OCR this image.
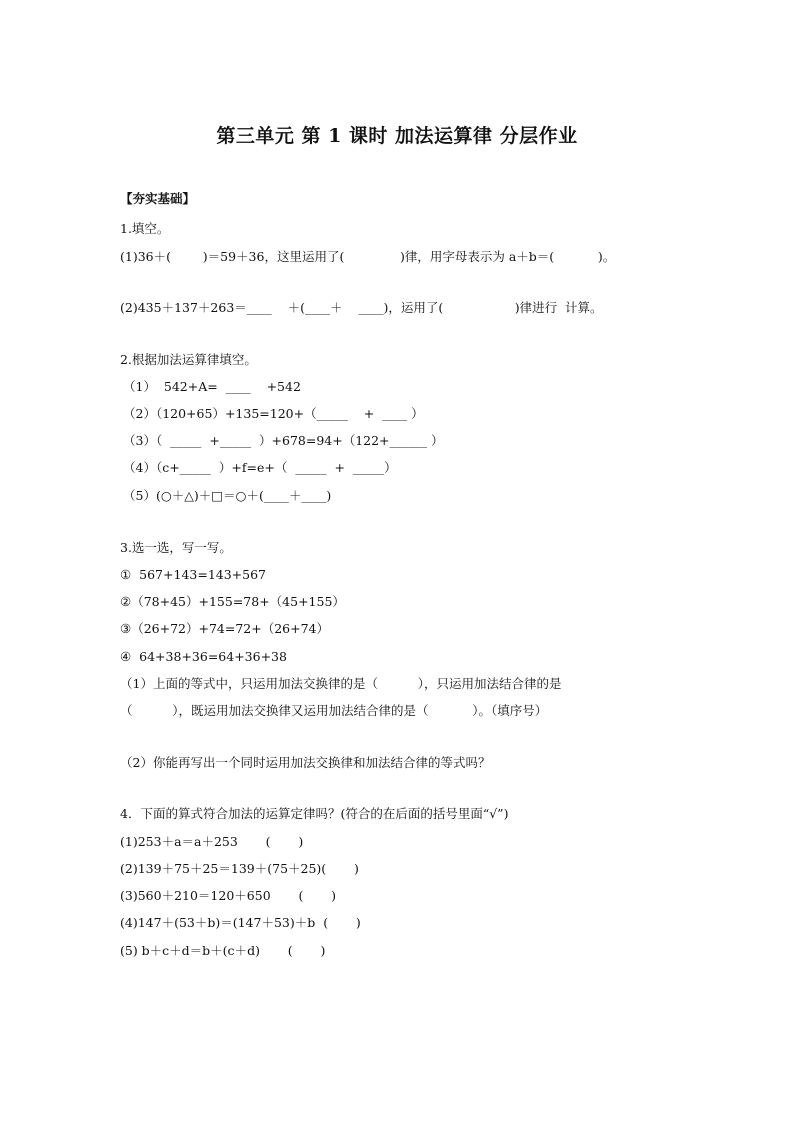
第三单元 第 1 课时 加法运算律 分层作业
【夯实基础】
1.填空。
(1)36＋(        )＝59＋36，这里运用了(              )律，用字母表示为 a＋b＝(           )。
(2)435＋137＋263＝____    ＋(____＋    ____)，运用了(                  )律进行  计算。
2.根据加法运算律填空。
（1）  542+A=  ____    +542
（2）（120+65）+135=120+（_____    +  ____ ）
（3）（  _____  +_____  ）+678=94+（122+______ ）
（4）（c+_____  ）+f=e+（  _____  +  _____）
（5）(○＋△)＋□＝○＋(____＋____)
3.选一选，写一写。
①  567+143=143+567
②（78+45）+155=78+（45+155）
③（26+72）+74=72+（26+74）
④  64+38+36=64+36+38
（1）上面的等式中，只运用加法交换律的是（          ），只运用加法结合律的是
（          ），既运用加法交换律又运用加法结合律的是（           ）。（填序号）
（2）你能再写出一个同时运用加法交换律和加法结合律的等式吗？
4．下面的算式符合加法的运算定律吗？(符合的在后面的括号里面“√”)
(1)253＋a＝a＋253       (       )
(2)139＋75＋25＝139＋(75＋25)(       )
(3)560＋210＝120＋650       (       )
(4)147＋(53＋b)＝(147＋53)＋b  (       )
(5) b＋c＋d＝b＋(c＋d)       (       )
